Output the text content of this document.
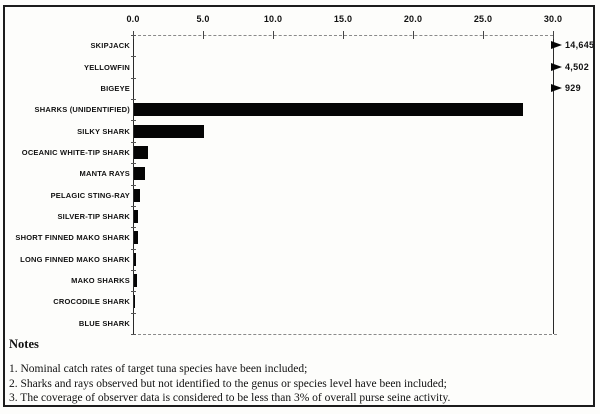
0.0	5.0	10.0	15.0	20.0	25.0	30.0
SKIPJACK	14,645
YELLOWFIN	4,502
BIGEYE	929
SHARKS (UNIDENTIFIED)
SILKY SHARK
OCEANIC WHITE-TIP SHARK
MANTA RAYS
PELAGIC STING-RAY
SILVER-TIP SHARK
SHORT FINNED MAKO SHARK
LONG FINNED MAKO SHARK
MAKO SHARKS
CROCODILE SHARK
BLUE SHARK
Notes
1. Nominal catch rates of target tuna species have been included;
2. Sharks and rays observed but not identified to the genus or species level have been included;
3. The coverage of observer data is considered to be less than 3% of overall purse seine activity.
